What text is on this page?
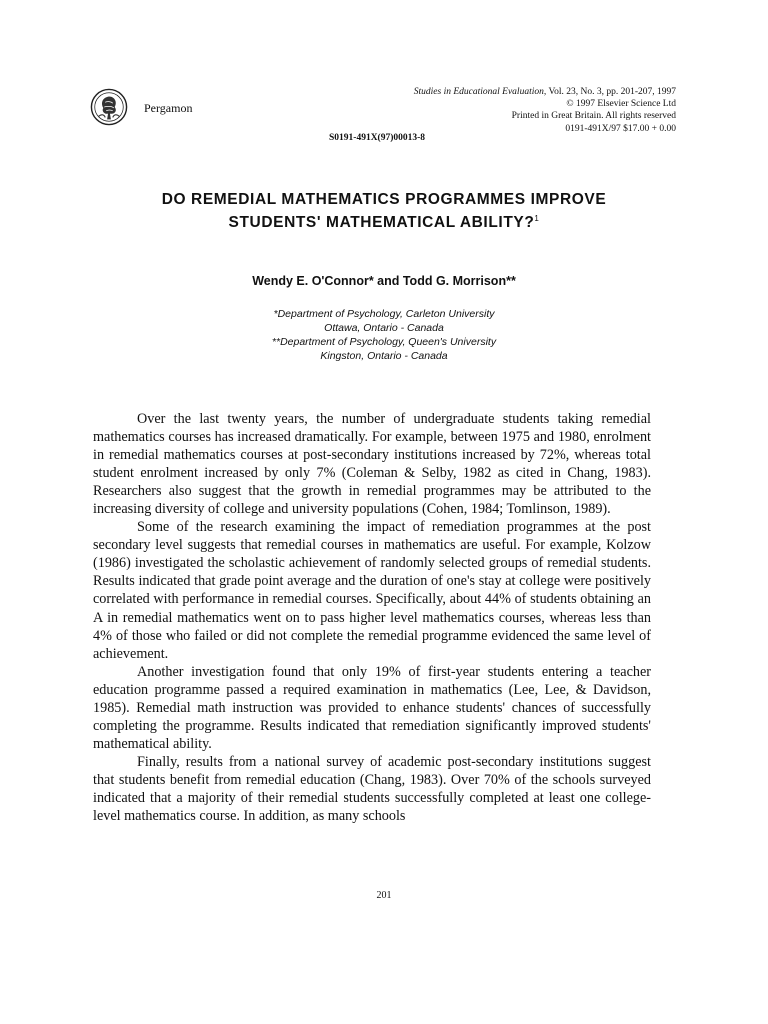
Pergamon
Studies in Educational Evaluation, Vol. 23, No. 3, pp. 201-207, 1997
© 1997 Elsevier Science Ltd
Printed in Great Britain. All rights reserved
0191-491X/97 $17.00 + 0.00
S0191-491X(97)00013-8
DO REMEDIAL MATHEMATICS PROGRAMMES IMPROVE
STUDENTS' MATHEMATICAL ABILITY?$^1$
Wendy E. O'Connor* and Todd G. Morrison**
*Department of Psychology, Carleton University
Ottawa, Ontario - Canada
**Department of Psychology, Queen's University
Kingston, Ontario - Canada

Over the last twenty years, the number of undergraduate students taking remedial mathematics courses has increased dramatically. For example, between 1975 and 1980, enrolment in remedial mathematics courses at post-secondary institutions increased by 72%, whereas total student enrolment increased by only 7% (Coleman & Selby, 1982 as cited in Chang, 1983). Researchers also suggest that the growth in remedial programmes may be attributed to the increasing diversity of college and university populations (Cohen, 1984; Tomlinson, 1989).

Some of the research examining the impact of remediation programmes at the post secondary level suggests that remedial courses in mathematics are useful. For example, Kolzow (1986) investigated the scholastic achievement of randomly selected groups of remedial students. Results indicated that grade point average and the duration of one's stay at college were positively correlated with performance in remedial courses. Specifically, about 44% of students obtaining an A in remedial mathematics went on to pass higher level mathematics courses, whereas less than 4% of those who failed or did not complete the remedial programme evidenced the same level of achievement.

Another investigation found that only 19% of first-year students entering a teacher education programme passed a required examination in mathematics (Lee, Lee, & Davidson, 1985). Remedial math instruction was provided to enhance students' chances of successfully completing the programme. Results indicated that remediation significantly improved students' mathematical ability.

Finally, results from a national survey of academic post-secondary institutions suggest that students benefit from remedial education (Chang, 1983). Over 70% of the schools surveyed indicated that a majority of their remedial students successfully completed at least one college-level mathematics course. In addition, as many schools

201
